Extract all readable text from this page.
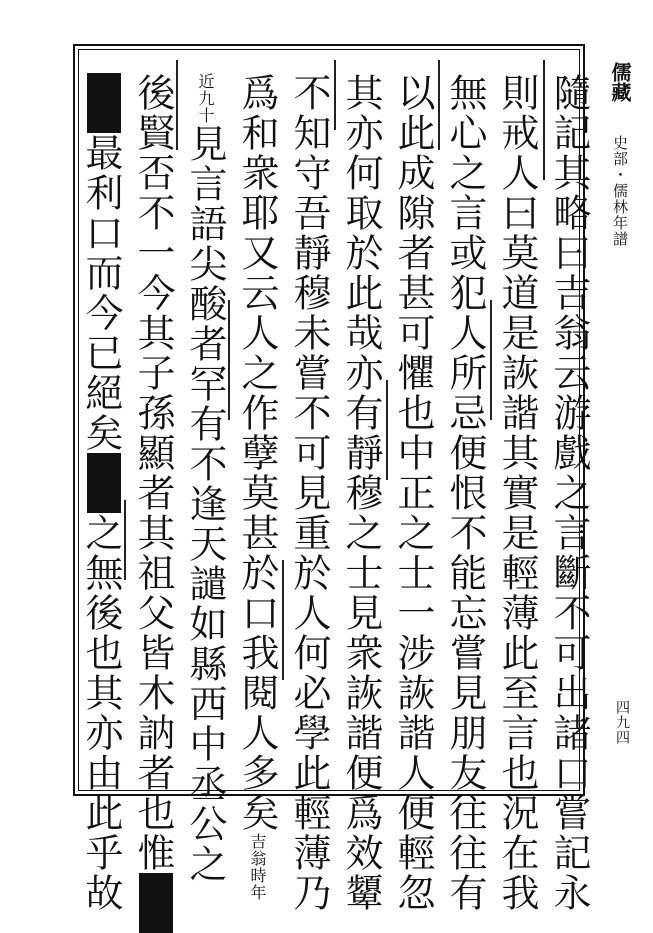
隨記其略曰吉翁云游戲之言斷不可出諸口嘗記永
則戒人曰莫道是詼諧其實是輕薄此至言也況在我
無心之言或犯人所忌便恨不能忘嘗見朋友往往有
以此成隙者甚可懼也中正之士一涉詼諧人便輕忽
其亦何取於此哉亦有靜穆之士見衆詼諧便爲效顰
不知守吾靜穆未嘗不可見重於人何必學此輕薄乃
爲和衆耶又云人之作孽莫甚於口我閱人多矣吉翁時年
近九十見言語尖酸者罕有不逢天譴如縣西中丞公之
後賢否不一今其子孫顯者其祖父皆木訥者也惟
最利口而今已絕矣之無後也其亦由此乎故
儒藏 史部・儒林年譜
四九四
